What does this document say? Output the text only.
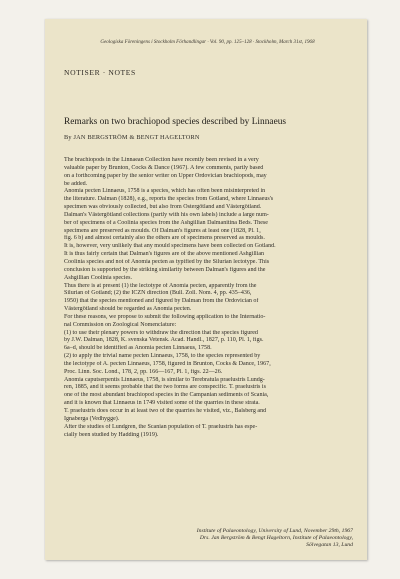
Geologiska Föreningens i Stockholm Förhandlingar · Vol. 90, pp. 125–128 · Stockholm, March 31st, 1968
NOTISER · NOTES
Remarks on two brachiopod species described by Linnaeus
By JAN BERGSTRÖM & BENGT HAGELTORN
The brachiopods in the Linnaean Collection have recently been revised in a very
valuable paper by Brunton, Cocks & Dance (1967). A few comments, partly based
on a forthcoming paper by the senior writer on Upper Ordovician brachiopods, may
be added.
Anomia pecten Linnaeus, 1758 is a species, which has often been misinterpreted in
the literature. Dalman (1828), e.g., reports the species from Gotland, where Linnaeus's
specimen was obviously collected, but also from Östergötland and Västergötland.
Dalman's Västergötland collections (partly with his own labels) include a large num-
ber of specimens of a Coolinia species from the Ashgillian Dalmanitina Beds. These
specimens are preserved as moulds. Of Dalman's figures at least one (1828, Pl. 1,
fig. 6 b) and almost certainly also the others are of specimens preserved as moulds.
It is, however, very unlikely that any mould specimens have been collected on Gotland.
It is thus fairly certain that Dalman's figures are of the above mentioned Ashgillian
Coolinia species and not of Anomia pecten as typified by the Silurian lectotype. This
conclusion is supported by the striking similarity between Dalman's figures and the
Ashgillian Coolinia species.
Thus there is at present (1) the lectotype of Anomia pecten, apparently from the
Silurian of Gotland; (2) the ICZN direction (Bull. Zoll. Nom. 4, pp. 435–436,
1950) that the species mentioned and figured by Dalman from the Ordovician of
Västergötland should be regarded as Anomia pecten.
For these reasons, we propose to submit the following application to the Internatio-
nal Commission on Zoological Nomenclature:
(1) to use their plenary powers to withdraw the direction that the species figured
by J.W. Dalman, 1828, K. svenska Vetensk. Acad. Handl., 1827, p. 110, Pl. 1, figs.
6a–d, should be identified as Anomia pecten Linnaeus, 1758.
(2) to apply the trivial name pecten Linnaeus, 1758, to the species represented by
the lectotype of A. pecten Linnaeus, 1758, figured in Brunton, Cocks & Dance, 1967,
Proc. Linn. Soc. Lond., 178, 2, pp. 166—167, Pl. 1, figs. 22—26.
Anomia caputserpentis Linnaeus, 1758, is similar to Terebratula praelustris Lundg-
ren, 1885, and it seems probable that the two forms are conspecific. T. praelustris is
one of the most abundant brachiopod species in the Campanian sediments of Scania,
and it is known that Linnaeus in 1749 visited some of the quarries in these strata.
T. praelustris does occur in at least two of the quarries he visited, viz., Balsberg and
Ignaberga (Vedhygge).
After the studies of Lundgren, the Scanian population of T. praelustris has espe-
cially been studied by Hadding (1919).
Institute of Palaeontology, University of Lund, November 29th, 1967
Drs. Jan Bergström & Bengt Hageltorn, Institute of Palaeontology,
Sölvegatan 13, Lund
